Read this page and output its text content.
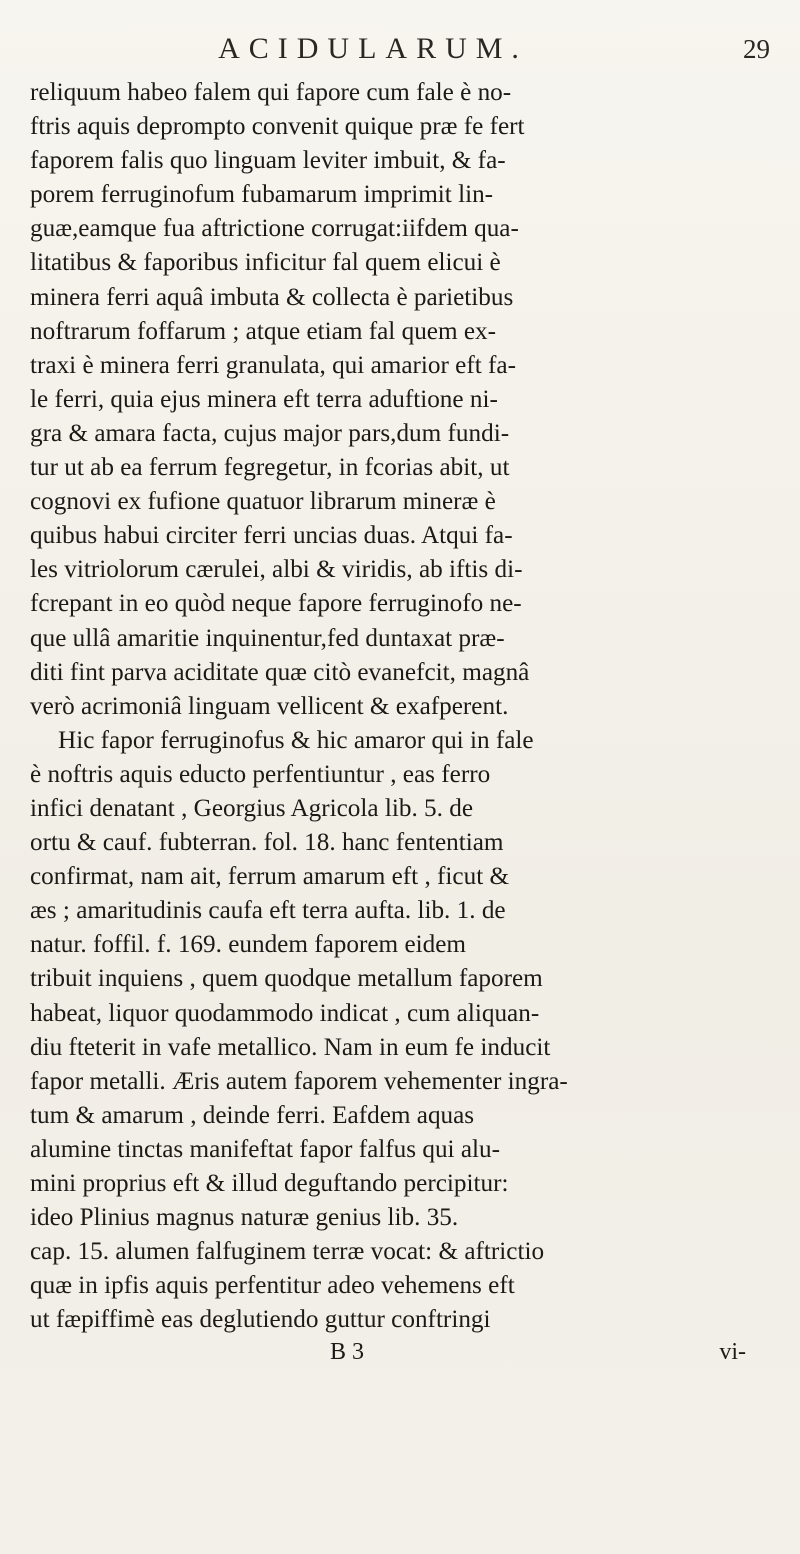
ACIDULARUM.	29
reliquum habeo falem qui fapore cum fale è no-
ftris aquis deprompto convenit quique præ fe fert
faporem falis quo linguam leviter imbuit, & fa-
porem ferruginofum fubamarum imprimit lin-
guæ,eamque fua aftrictione corrugat:iifdem qua-
litatibus & faporibus inficitur fal quem elicui è
minera ferri aquâ imbuta & collecta è parietibus
noftrarum foffarum ; atque etiam fal quem ex-
traxi è minera ferri granulata, qui amarior eft fa-
le ferri, quia ejus minera eft terra aduftione ni-
gra & amara facta, cujus major pars,dum fundi-
tur ut ab ea ferrum fegregetur, in fcorias abit, ut
cognovi ex fufione quatuor librarum mineræ è
quibus habui circiter ferri uncias duas. Atqui fa-
les vitriolorum cærulei, albi & viridis, ab iftis di-
fcrepant in eo quòd neque fapore ferruginofo ne-
que ullâ amaritie inquinentur,fed duntaxat præ-
diti fint parva aciditate quæ citò evanefcit, magnâ
verò acrimoniâ linguam vellicent & exafperent.
Hic fapor ferruginofus & hic amaror qui in fale
è noftris aquis educto perfentiuntur , eas ferro
infici denatant , Georgius Agricola lib. 5. de
ortu & cauf. fubterran. fol. 18. hanc fententiam
confirmat, nam ait, ferrum amarum eft , ficut &
æs ; amaritudinis caufa eft terra aufta. lib. 1. de
natur. foffil. f. 169. eundem faporem eidem
tribuit inquiens , quem quodque metallum faporem
habeat, liquor quodammodo indicat , cum aliquan-
diu fteterit in vafe metallico. Nam in eum fe inducit
fapor metalli. Æris autem faporem vehementer ingra-
tum & amarum , deinde ferri. Eafdem aquas
alumine tinctas manifeftat fapor falfus qui alu-
mini proprius eft & illud deguftando percipitur:
ideo Plinius magnus naturæ genius lib. 35.
cap. 15. alumen falfuginem terræ vocat: & aftrictio
quæ in ipfis aquis perfentitur adeo vehemens eft
ut fæpiffimè eas deglutiendo guttur conftringi
B 3	vi-
